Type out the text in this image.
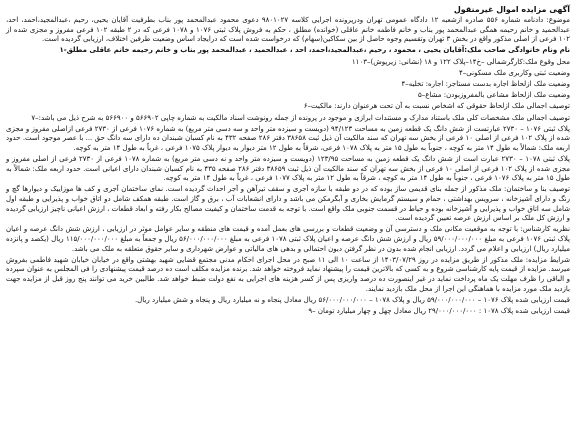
آگهی مزایده اموال غیرمنقول
موضوع: دادنامه شماره ۵۵۶ صادره ازشعبه ۱۲ دادگاه عمومی تهران ودرپرونده اجرایی کلاسه ۹۸۰۱۰۲۷ دعوی محمود عبدالمحمد پور بناب بطرفیت آقایان یحیی، رحیم ،عبدالمجید،احمد، احد، عبدالحمید و خانم رحیمه همگی عبدالمحمد پور بناب و خانم فاطمه خانم عاقلی (خوانده) مطلق ، حکم به فروش پلاک ثبتی ۱۰۷۶ و ۱۰۷۸ فرعی که در ۲ طبقه ۱۰۲ فرعی مفروز و مجزی شده از ۱۰۲ فرعی از اصلی مذکور واقع در بخش ۳ تهران وتقسیم وجوه حاصل از بین سکاکین(سهام) که درخواست شده است که درایجاد اساس وضعیت طرفین اختلاف، ارزیابی گردیده است.
نام ونام خانوادگی صاحب ملک:آقایان یحیی ، محمود ، رحیم ،عبدالمجید،احمد، احد ، عبدالحمید ، عبدالمحمد پور بناب و خانم رحیمه خانم عاقلی مطلق-۱
محل وقوع ملک:کارگرشمالی –خ۱۴–پلاک ۱۲۲ و ۱۸ (نشانی: زیرپوش)–۱۱۰۳
وضعیت ثبتی وکاربری ملک مسکونی–۴
وضعیت ملک ازلحاظ اجاره بدست مستاجر: اجاره: تخلیه–۴
وضعیت ملک ازلحاظ مشاعی بالمفروزبودن: مشاع–۵
توصیف اجمالی ملک ازلحاظ حقوقی که اشخاص نسبت به آن تحت هرعنوان دارند: مالکیت–۶
توصیف اجمالی ملک مشخصات کلی ملک باستناد مدارک و مستندات ابرازی و موجود در پرونده از جمله رونوشت اسناد مالکیت به شماره چاپی ۵۶۶۹۰۲ و ۵۶۶۹۰۰ به شرح ذیل می باشد:–۷
پلاک ثبتی ۱۰۷۶ – ۲۷۳۰ عبارتست از شش دانگ یک قطعه زمین به مساحت ۹۴/۱۲۳ (دویست و سیزده متر واحد و سه دسی متر مربع) به شماره ۱۰۷۶ فرعی از ۲۷۳۰ فرعی ازاصلی مفروز و مجزی شده از پلاک ۱۰۲ فرعی از اصلی ۱۰ فرعی از بخش سه تهران که سند مالکیت آن ذیل ثبت ۳۸۶۵۸ دفتر ۲۸۶ صفحه ۴۳۲ به نام کسبان شبندان ده دارای سه دانگ حق ... با عصر موجود است. حدود اربعه ملک: شمالاً به طول ۱۴ متر به کوچه ، جنوباً به طول ۱۵ متر به پلاک ۱۰۷۸ فرعی، شرقاً به طول ۱۲ متر دیوار به دیوار پلاک ۱۰۷۵ فرعی ، غرباً به طول ۱۴ متر به کوچه.
پلاک ثبتی ۱۰۷۸ – ۲۷۳۰ عبارت است از شش دانگ یک قطعه زمین به مساحت ۱۲۳/۹۵ (دویست و سیزده متر واحد و نه دسی متر مربع) به شماره ۱۰۷۸ فرعی از ۲۷۳۰ فرعی از اصلی مفروز و مجزی شده از پلاک ۱۰۲ فرعی از اصلی ۱۰ فرعی از بخش سه تهران که سند مالکیت آن ذیل ثبت ۳۸۶۵۹ دفتر ۲۸۶ صفحه ۴۳۵ به نام کسبان شبندان دارای اعیانی است. حدود اربعه ملک: شمالاً به طول ۱۵ متر به پلاک ۱۰۷۶ فرعی ، جنوباً به طول ۱۴ متر به کوچه ، شرقاً به طول ۱۲ متر به پلاک ۱۰۷۷ فرعی ، غرباً به طول ۱۴ متر به کوچه.
توصیف بنا و ساختمان: ملک مذکور از جمله بنای قدیمی ساز بوده که در دو طبقه با سازه آجری و سقف تیرآهن و آجر احداث گردیده است. نمای ساختمان آجری و کف ها موزاییک و دیوارها گچ و رنگ و دارای آشپزخانه ، سرویس بهداشتی ، حمام و سیستم گرمایش بخاری و آبگرمکن می باشد و دارای انشعابات آب ، برق و گاز است. طبقه همکف شامل دو اتاق خواب و پذیرایی و طبقه اول شامل سه اتاق خواب و پذیرایی و آشپزخانه بوده و حیاط در قسمت جنوبی ملک واقع است. با توجه به قدمت ساختمان و کیفیت مصالح بکار رفته و ابعاد قطعات ، ارزش اعیانی ناچیز ارزیابی گردیده و ارزش کل ملک بر اساس ارزش عرصه تعیین گردیده است.
نظریه کارشناس: با توجه به موقعیت مکانی ملک و دسترسی آن و وضعیت قطعات و بررسی های بعمل آمده و قیمت های منطقه و سایر عوامل موثر در ارزیابی ، ارزش شش دانگ عرصه و اعیان پلاک ثبتی ۱۰۷۶ فرعی به مبلغ ۵۹/۰۰۰/۰۰۰/۰۰۰ ریال و ارزش شش دانگ عرصه و اعیان پلاک ثبتی ۱۰۷۸ فرعی به مبلغ ۵۶/۰۰۰/۰۰۰/۰۰۰ ریال و جمعاً به مبلغ ۱۱۵/۰۰۰/۰۰۰/۰۰۰ ریال (یکصد و پانزده میلیارد ریال) ارزیابی و اعلام می گردد. ارزیابی انجام شده بدون در نظر گرفتن دیون احتمالی و بدهی های مالیاتی و عوارض شهرداری و سایر حقوق متعلقه به ملک می باشد.
شرایط مزایده: ملک مذکور از طریق مزایده در روز ۱۴۰۳/۰۷/۲۹ از ساعت ۱۰ الی ۱۱ صبح در محل اجرای احکام مدنی مجتمع قضایی شهید بهشتی واقع در خیابان خیابان شهید فاطمی بفروش میرسد. مزایده از قیمت پایه کارشناسی شروع و به کسی که بالاترین قیمت را پیشنهاد نماید فروخته خواهد شد. برنده مزایده مکلف است ده درصد قیمت پیشنهادی را فی المجلس به عنوان سپرده و الباقی را ظرف مهلت یک ماه پرداخت نماید در غیر اینصورت ده درصد واریزی پس از کسر هزینه های اجرایی به نفع دولت ضبط خواهد شد. طالبین خرید می توانند پنج روز قبل از مزایده جهت بازدید ملک مورد مزایده با هماهنگی این اجرا از محل ملک بازدید نمایند.
قیمت ارزیابی شده پلاک ۱۰۷۶ – ۵۹/۰۰۰/۰۰۰/۰۰۰ ریال و پلاک ۱۰۷۸ – ۵۶/۰۰۰/۰۰۰/۰۰۰ ریال معادل پنجاه و نه میلیارد ریال و پنجاه و شش میلیارد ریال.
قیمت ارزیابی شده پلاک ۱۰۷۸ : ۲۹/۰۰۰/۰۰۰/۰۰۰ ریال معادل چهل و چهار میلیارد تومان –۹
